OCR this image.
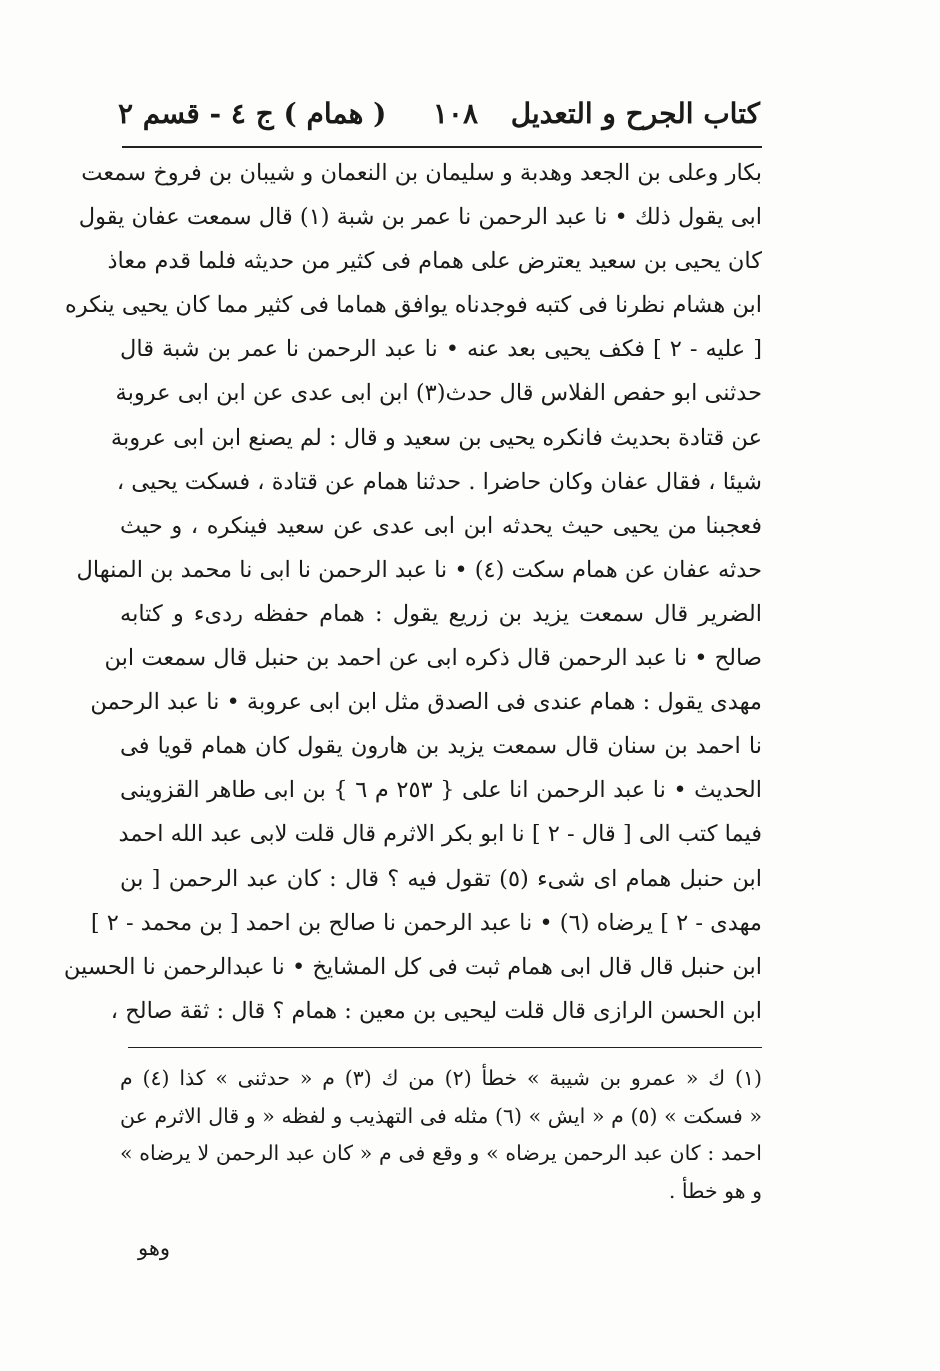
كتاب الجرح و التعديل
١٠٨
( همام ) ج ٤ - قسم ٢
بكار وعلى بن الجعد وهدبة و سليمان بن النعمان و شيبان بن فروخ سمعت
ابى يقول ذلك • نا عبد الرحمن نا عمر بن شبة (١) قال سمعت عفان يقول
كان يحيى بن سعيد يعترض على همام فى كثير من حديثه فلما قدم معاذ
ابن هشام نظرنا فى كتبه فوجدناه يوافق هماما فى كثير مما كان يحيى ينكره
[ عليه - ٢ ] فكف يحيى بعد عنه • نا عبد الرحمن نا عمر بن شبة قال
حدثنى ابو حفص الفلاس قال حدث(٣) ابن ابى عدى عن ابن ابى عروبة
عن قتادة بحديث فانكره يحيى بن سعيد و قال : لم يصنع ابن ابى عروبة
شيئا ، فقال عفان وكان حاضرا . حدثنا همام عن قتادة ، فسكت يحيى ،
فعجبنا من يحيى حيث يحدثه ابن ابى عدى عن سعيد فينكره ، و حيث
حدثه عفان عن همام سكت (٤) • نا عبد الرحمن نا ابى نا محمد بن المنهال
الضرير قال سمعت يزيد بن زريع يقول : همام حفظه ردىء و كتابه
صالح • نا عبد الرحمن قال ذكره ابى عن احمد بن حنبل قال سمعت ابن
مهدى يقول : همام عندى فى الصدق مثل ابن ابى عروبة • نا عبد الرحمن
نا احمد بن سنان قال سمعت يزيد بن هارون يقول كان همام قويا فى
الحديث • نا عبد الرحمن انا على { ٢٥٣ م ٦ } بن ابى طاهر القزوينى
فيما كتب الى [ قال - ٢ ] نا ابو بكر الاثرم قال قلت لابى عبد الله احمد
ابن حنبل همام اى شىء (٥) تقول فيه ؟ قال : كان عبد الرحمن [ بن
مهدى - ٢ ] يرضاه (٦) • نا عبد الرحمن نا صالح بن احمد [ بن محمد - ٢ ]
ابن حنبل قال قال ابى همام ثبت فى كل المشايخ • نا عبدالرحمن نا الحسين
ابن الحسن الرازى قال قلت ليحيى بن معين : همام ؟ قال : ثقة صالح ،
(١) ك « عمرو بن شيبة » خطأ (٢) من ك (٣) م « حدثنى » كذا (٤) م
« فسكت » (٥) م « ايش » (٦) مثله فى التهذيب و لفظه « و قال الاثرم عن
احمد : كان عبد الرحمن يرضاه » و وقع فى م « كان عبد الرحمن لا يرضاه »
و هو خطأ .
وهو
